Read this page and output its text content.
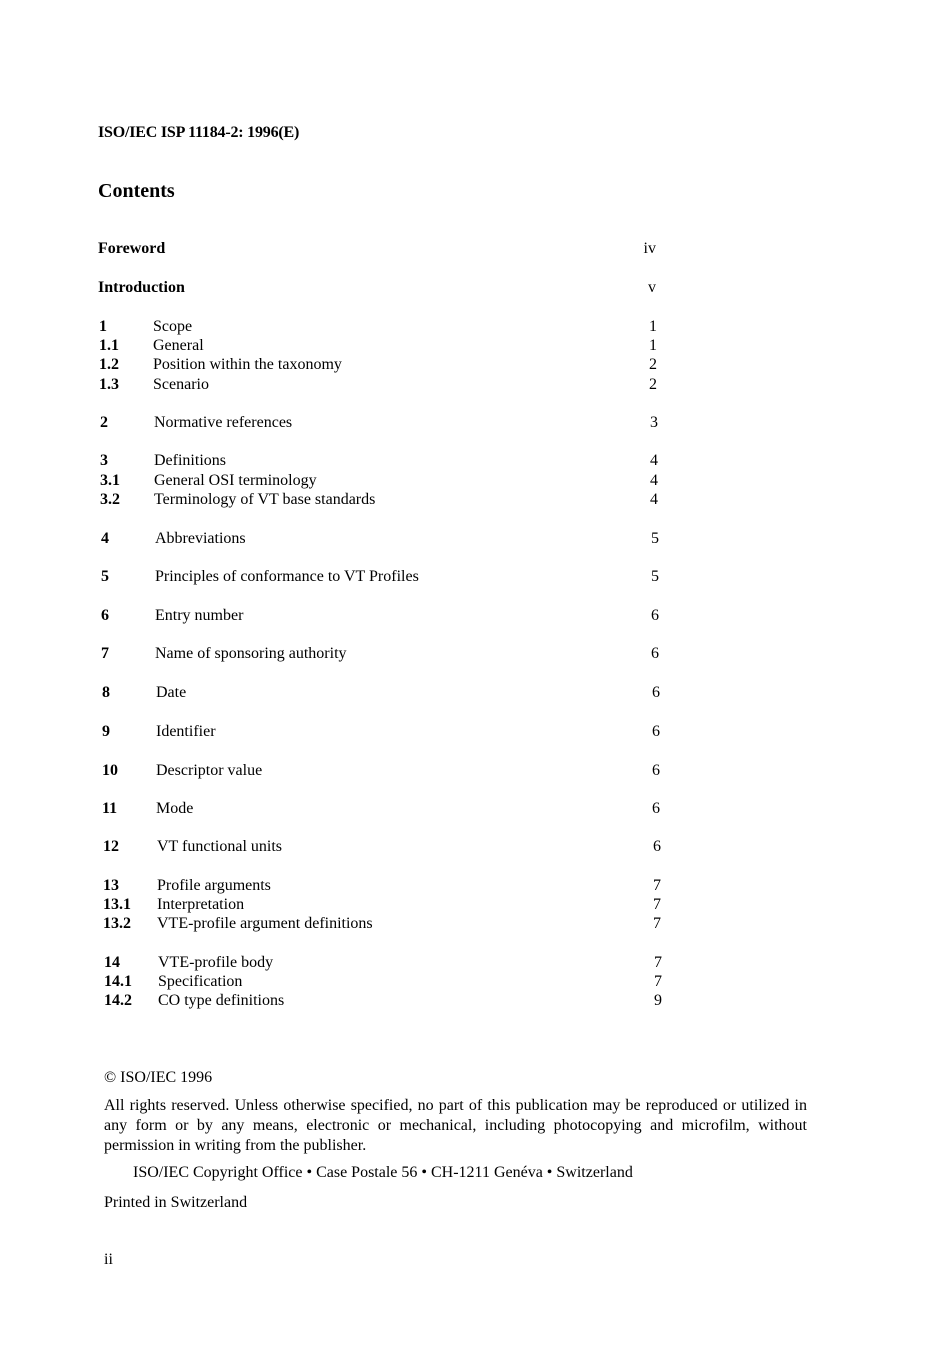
ISO/IEC ISP 11184-2: 1996(E)
Contents
Foreword	iv
Introduction	v
1	Scope	1
1.1 General	1
1.2 Position within the taxonomy	2
1.3 Scenario	2
2	Normative references	3
3	Definitions	4
3.1 General OSI terminology	4
3.2 Terminology of VT base standards	4
4	Abbreviations	5
5	Principles of conformance to VT Profiles	5
6	Entry number	6
7	Name of sponsoring authority	6
8	Date	6
9	Identifier	6
10 Descriptor value	6
11 Mode	6
12 VT functional units	6
13 Profile arguments	7
13.1 Interpretation	7
13.2 VTE-profile argument definitions	7
14 VTE-profile body	7
14.1 Specification	7
14.2 CO type definitions	9
© ISO/IEC 1996
All rights reserved. Unless otherwise specified, no part of this publication may be reproduced or utilized in any form or by any means, electronic or mechanical, including photocopying and microfilm, without permission in writing from the publisher.
ISO/IEC Copyright Office • Case Postale 56 • CH-1211 Genéva • Switzerland
Printed in Switzerland
ii
